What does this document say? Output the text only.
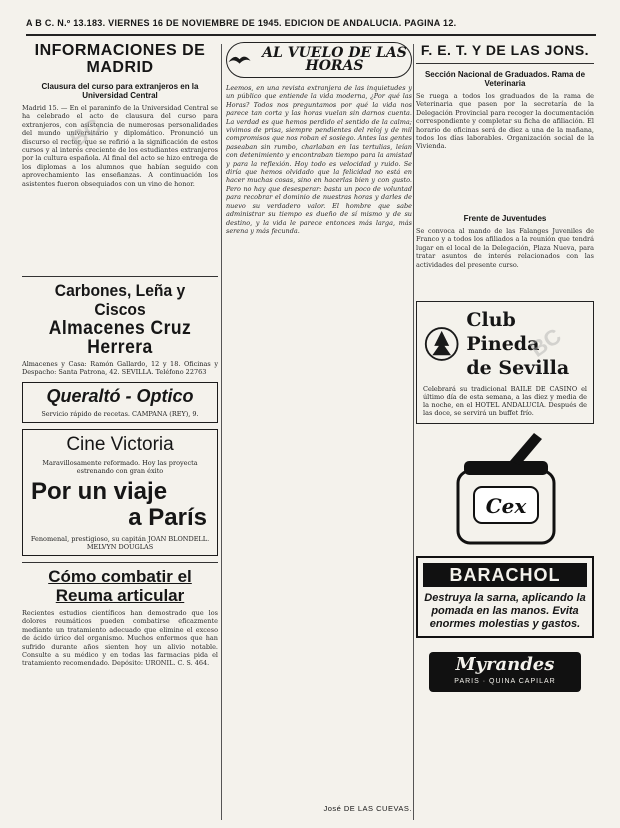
A B C. N.º 13.183. VIERNES 16 DE NOVIEMBRE DE 1945. EDICION DE ANDALUCIA. PAGINA 12.
INFORMACIONES DE MADRID
Clausura del curso para extranjeros en la Universidad Central
Madrid 15. — En el paraninfo de la Universidad Central se ha celebrado el acto de clausura del curso para extranjeros, con asistencia de numerosas personalidades del mundo universitario y diplomático. Pronunció un discurso el rector, que se refirió a la significación de estos cursos y al interés creciente de los estudiantes extranjeros por la cultura española. Al final del acto se hizo entrega de los diplomas a los alumnos que habían seguido con aprovechamiento las enseñanzas. A continuación los asistentes fueron obsequiados con un vino de honor.
Carbones, Leña y Ciscos
Almacenes Cruz Herrera
Almacenes y Casa: Ramón Gallardo, 12 y 18. Oficinas y Despacho: Santa Patrona, 42. SEVILLA. Teléfono 22763
Queraltó - Optico
Servicio rápido de recetas. CAMPANA (REY), 9.
Cine Victoria
Maravillosamente reformado. Hoy las proyecta estrenando con gran éxito
Por un viaje
a París
Fenomenal, prestigioso, su capitán JOAN BLONDELL. MELVYN DOUGLAS
Cómo combatir el Reuma articular
Recientes estudios científicos han demostrado que los dolores reumáticos pueden combatirse eficazmente mediante un tratamiento adecuado que elimine el exceso de ácido úrico del organismo. Muchos enfermos que han sufrido durante años sienten hoy un alivio notable. Consulte a su médico y en todas las farmacias pida el tratamiento recomendado. Depósito: URONIL. C. S. 464.
AL VUELO DE LAS HORAS
Leemos, en una revista extranjera de las inquietudes y un público que entiende la vida moderna, ¿Por qué las Horas? Todos nos preguntamos por qué la vida nos parece tan corta y las horas vuelan sin darnos cuenta. La verdad es que hemos perdido el sentido de la calma; vivimos de prisa, siempre pendientes del reloj y de mil compromisos que nos roban el sosiego. Antes las gentes paseaban sin rumbo, charlaban en las tertulias, leían con detenimiento y encontraban tiempo para la amistad y para la reflexión. Hoy todo es velocidad y ruido. Se diría que hemos olvidado que la felicidad no está en hacer muchas cosas, sino en hacerlas bien y con gusto. Pero no hay que desesperar: basta un poco de voluntad para recobrar el dominio de nuestras horas y darles de nuevo su verdadero valor. El hombre que sabe administrar su tiempo es dueño de sí mismo y de su destino, y la vida le parece entonces más larga, más serena y más fecunda.
José DE LAS CUEVAS.
F. E. T. Y DE LAS JONS.
Sección Nacional de Graduados. Rama de Veterinaria
Se ruega a todos los graduados de la rama de Veterinaria que pasen por la secretaría de la Delegación Provincial para recoger la documentación correspondiente y completar su ficha de afiliación. El horario de oficinas será de diez a una de la mañana, todos los días laborables. Organización social de la Vivienda.
Frente de Juventudes
Se convoca al mando de las Falanges Juveniles de Franco y a todos los afiliados a la reunión que tendrá lugar en el local de la Delegación, Plaza Nueva, para tratar asuntos de interés relacionados con las actividades del presente curso.
Club Pineda
de Sevilla
Celebrará su tradicional BAILE DE CASINO el último día de esta semana, a las diez y media de la noche, en el HOTEL ANDALUCIA. Después de las doce, se servirá un buffet frío.
Cex
BARACHOL
Destruya la sarna, aplicando la pomada en las manos. Evita enormes molestias y gastos.
Myrandes
PARIS · QUINA CAPILAR
BC
BC
